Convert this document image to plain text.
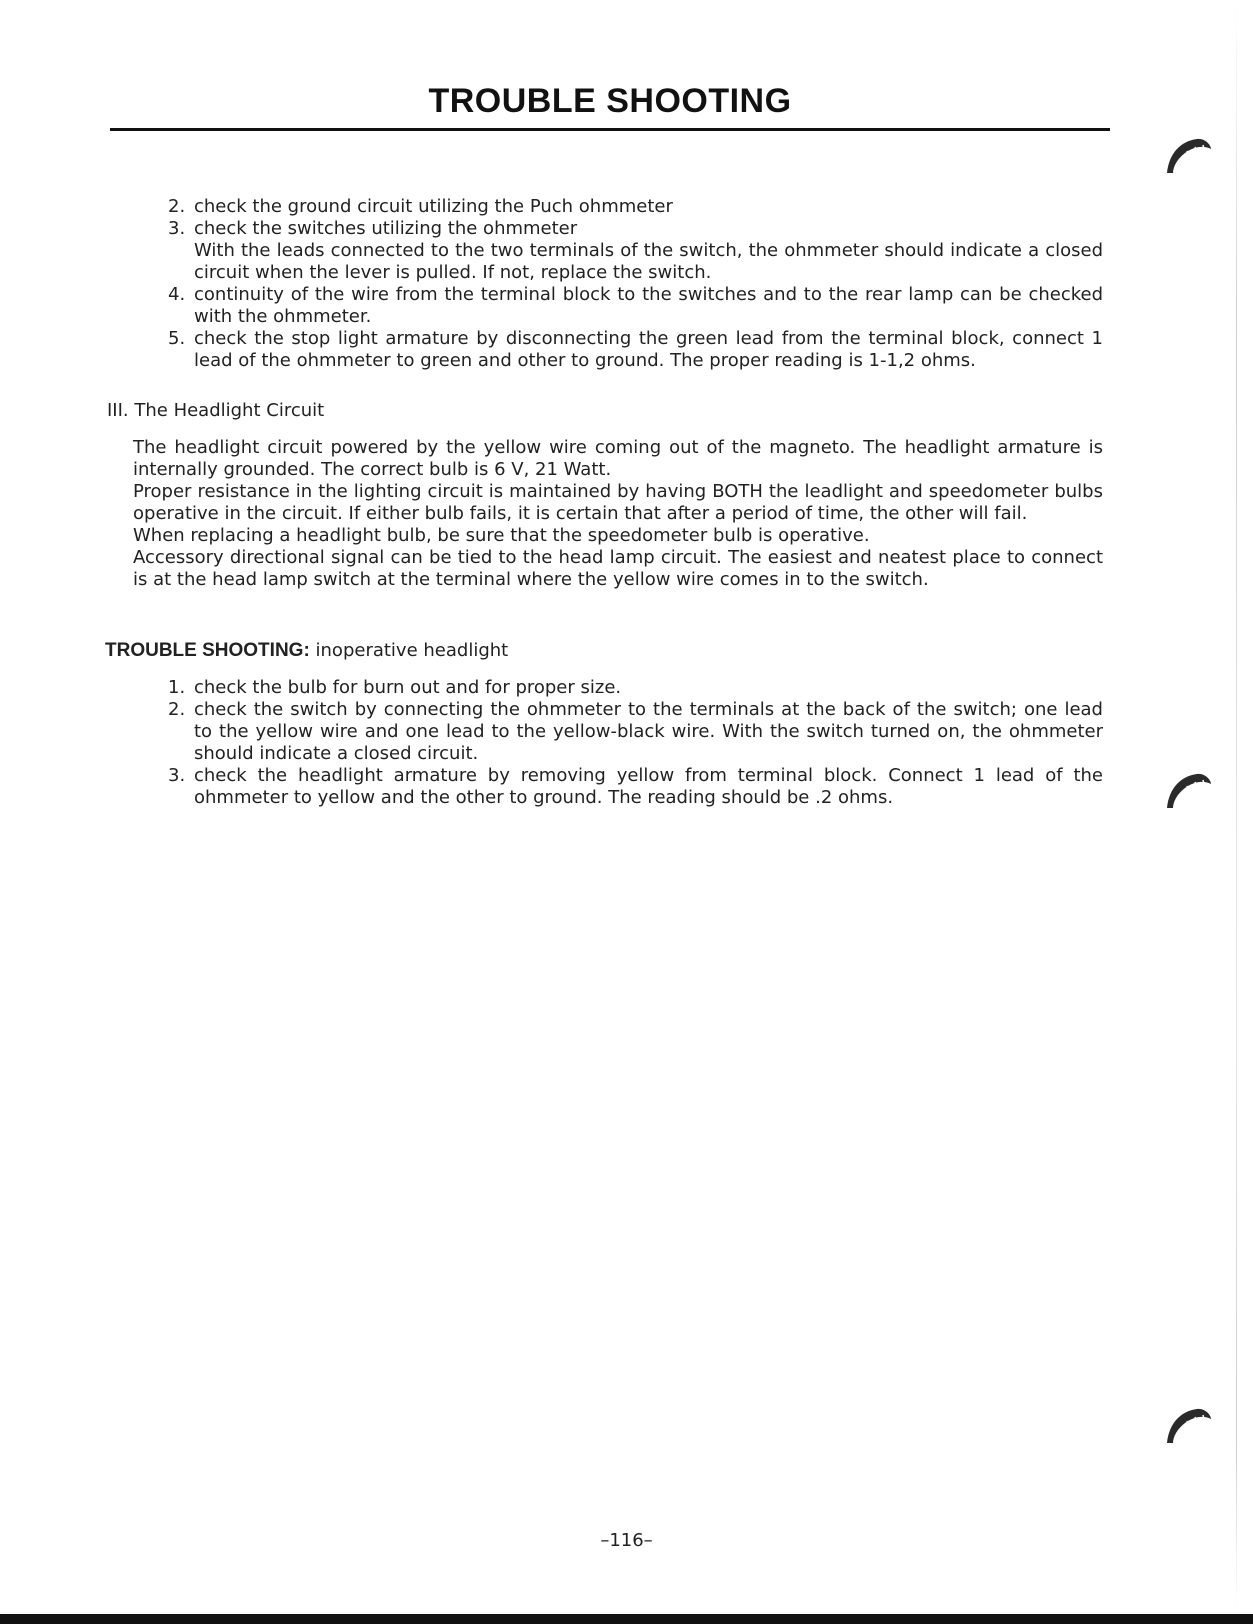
TROUBLE SHOOTING
2. check the ground circuit utilizing the Puch ohmmeter
3. check the switches utilizing the ohmmeter
With the leads connected to the two terminals of the switch, the ohmmeter should indicate a closed circuit when the lever is pulled. If not, replace the switch.
4. continuity of the wire from the terminal block to the switches and to the rear lamp can be checked with the ohmmeter.
5. check the stop light armature by disconnecting the green lead from the terminal block, connect 1 lead of the ohmmeter to green and other to ground. The proper reading is 1-1,2 ohms.
III. The Headlight Circuit

The headlight circuit powered by the yellow wire coming out of the magneto. The headlight armature is internally grounded. The correct bulb is 6 V, 21 Watt.

Proper resistance in the lighting circuit is maintained by having BOTH the leadlight and speedometer bulbs operative in the circuit. If either bulb fails, it is certain that after a period of time, the other will fail.

When replacing a headlight bulb, be sure that the speedometer bulb is operative.

Accessory directional signal can be tied to the head lamp circuit. The easiest and neatest place to connect is at the head lamp switch at the terminal where the yellow wire comes in to the switch.

TROUBLE SHOOTING: inoperative headlight
1. check the bulb for burn out and for proper size.
2. check the switch by connecting the ohmmeter to the terminals at the back of the switch; one lead to the yellow wire and one lead to the yellow-black wire. With the switch turned on, the ohmmeter should indicate a closed circuit.
3. check the headlight armature by removing yellow from terminal block. Connect 1 lead of the ohmmeter to yellow and the other to ground. The reading should be .2 ohms.
–116–
